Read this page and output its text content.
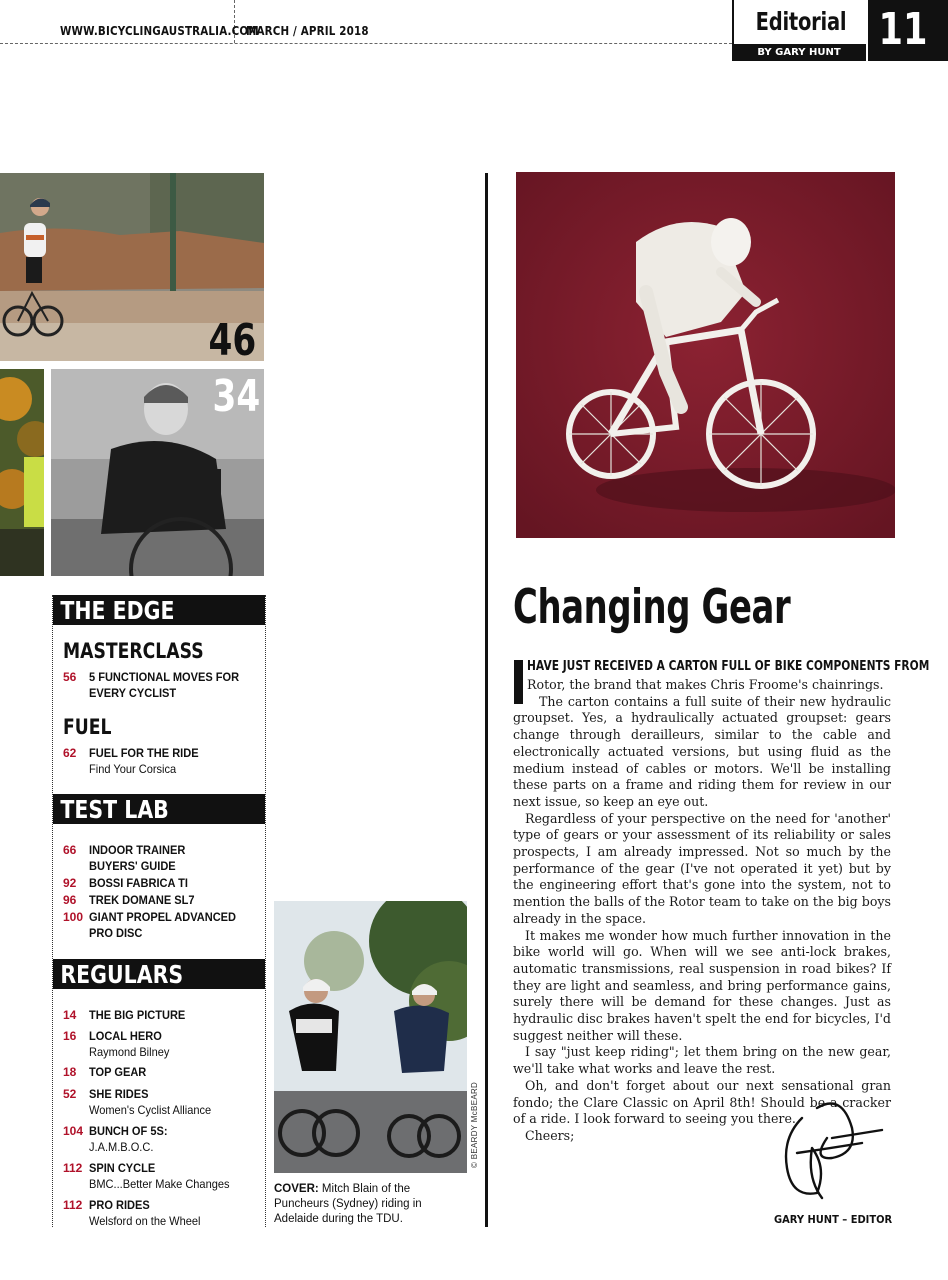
WWW.BICYCLINGAUSTRALIA.COM
MARCH / APRIL 2018	Editorial
BY GARY HUNT 11
46
34
THE EDGE
MASTERCLASS
56 5 FUNCTIONAL MOVES FOR
EVERY CYCLIST
FUEL
62 FUEL FOR THE RIDE
Find Your Corsica
TEST LAB
66 INDOOR TRAINER
BUYERS' GUIDE
92 BOSSI FABRICA TI
96 TREK DOMANE SL7
100 GIANT PROPEL ADVANCED
PRO DISC
REGULARS
14 THE BIG PICTURE
16 LOCAL HERO
Raymond Bilney
18 TOP GEAR
52 SHE RIDES
Women's Cyclist Alliance
104 BUNCH OF 5S:
J.A.M.B.O.C.
112 SPIN CYCLE
BMC...Better Make Changes
112 PRO RIDES
Welsford on the Wheel
© BEARDY McBEARD
COVER: Mitch Blain of the Puncheurs (Sydney) riding in Adelaide during the TDU.
Changing Gear
HAVE JUST RECEIVED A CARTON FULL OF BIKE COMPONENTS FROM

Rotor, the brand that makes Chris Froome's chainrings.

The carton contains a full suite of their new hydraulic groupset. Yes, a hydraulically actuated groupset: gears change through derailleurs, similar to the cable and electronically actuated versions, but using fluid as the medium instead of cables or motors. We'll be installing these parts on a frame and riding them for review in our next issue, so keep an eye out.

Regardless of your perspective on the need for 'another' type of gears or your assessment of its reliability or sales prospects, I am already impressed. Not so much by the performance of the gear (I've not operated it yet) but by the engineering effort that's gone into the system, not to mention the balls of the Rotor team to take on the big boys already in the space.

It makes me wonder how much further innovation in the bike world will go. When will we see anti-lock brakes, automatic transmissions, real suspension in road bikes? If they are light and seamless, and bring performance gains, surely there will be demand for these changes. Just as hydraulic disc brakes haven't spelt the end for bicycles, I'd suggest neither will these.

I say "just keep riding"; let them bring on the new gear, we'll take what works and leave the rest.

Oh, and don't forget about our next sensational gran fondo; the Clare Classic on April 8th! Should be a cracker of a ride. I look forward to seeing you there.

Cheers;

GARY HUNT – EDITOR
